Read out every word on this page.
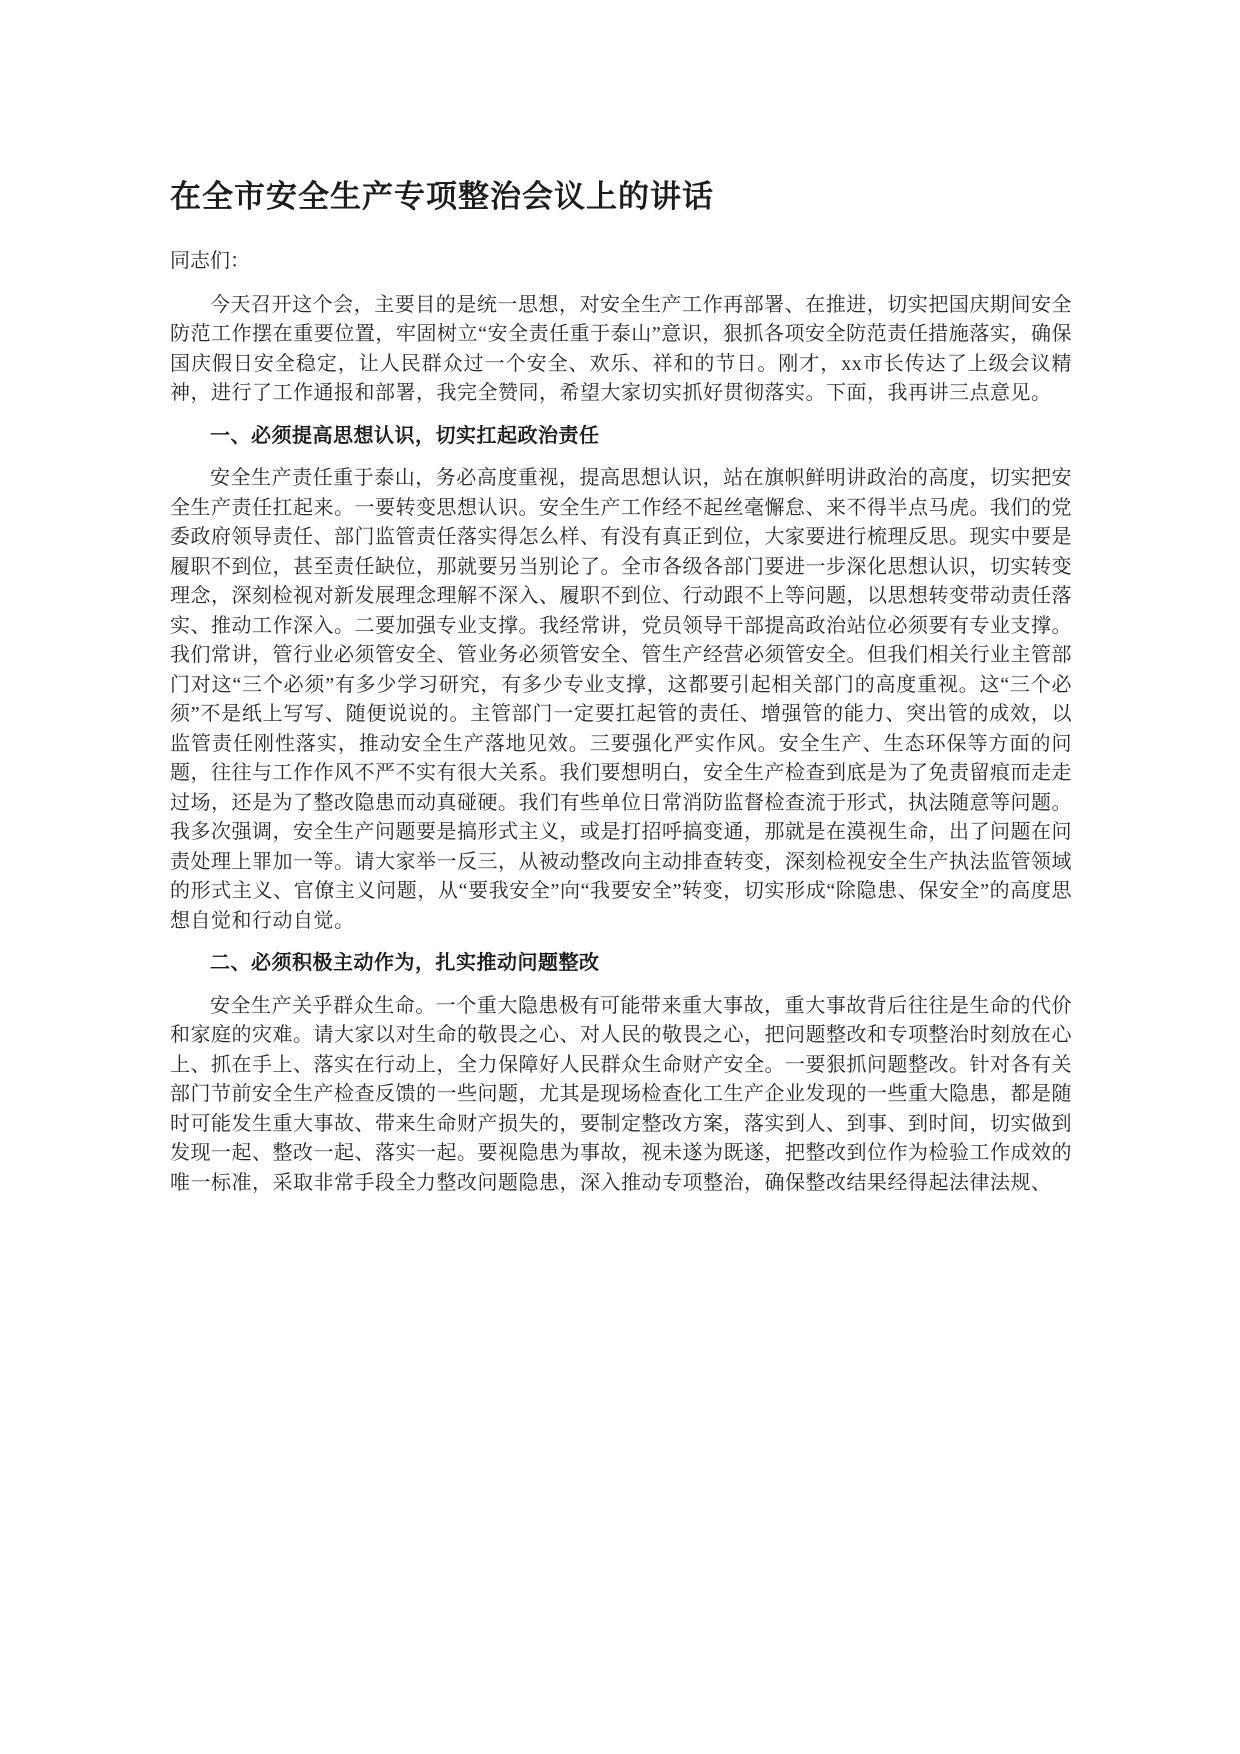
在全市安全生产专项整治会议上的讲话

同志们：

今天召开这个会，主要目的是统一思想，对安全生产工作再部署、在推进，切实把国庆期间安全防范工作摆在重要位置，牢固树立“安全责任重于泰山”意识，狠抓各项安全防范责任措施落实，确保国庆假日安全稳定，让人民群众过一个安全、欢乐、祥和的节日。刚才，xx市长传达了上级会议精神，进行了工作通报和部署，我完全赞同，希望大家切实抓好贯彻落实。下面，我再讲三点意见。

一、必须提高思想认识，切实扛起政治责任

安全生产责任重于泰山，务必高度重视，提高思想认识，站在旗帜鲜明讲政治的高度，切实把安全生产责任扛起来。一要转变思想认识。安全生产工作经不起丝毫懈怠、来不得半点马虎。我们的党委政府领导责任、部门监管责任落实得怎么样、有没有真正到位，大家要进行梳理反思。现实中要是履职不到位，甚至责任缺位，那就要另当别论了。全市各级各部门要进一步深化思想认识，切实转变理念，深刻检视对新发展理念理解不深入、履职不到位、行动跟不上等问题，以思想转变带动责任落实、推动工作深入。二要加强专业支撑。我经常讲，党员领导干部提高政治站位必须要有专业支撑。我们常讲，管行业必须管安全、管业务必须管安全、管生产经营必须管安全。但我们相关行业主管部门对这“三个必须”有多少学习研究，有多少专业支撑，这都要引起相关部门的高度重视。这“三个必须”不是纸上写写、随便说说的。主管部门一定要扛起管的责任、增强管的能力、突出管的成效，以监管责任刚性落实，推动安全生产落地见效。三要强化严实作风。安全生产、生态环保等方面的问题，往往与工作作风不严不实有很大关系。我们要想明白，安全生产检查到底是为了免责留痕而走走过场，还是为了整改隐患而动真碰硬。我们有些单位日常消防监督检查流于形式，执法随意等问题。我多次强调，安全生产问题要是搞形式主义，或是打招呼搞变通，那就是在漠视生命，出了问题在问责处理上罪加一等。请大家举一反三，从被动整改向主动排查转变，深刻检视安全生产执法监管领域的形式主义、官僚主义问题，从“要我安全”向“我要安全”转变，切实形成“除隐患、保安全”的高度思想自觉和行动自觉。

二、必须积极主动作为，扎实推动问题整改

安全生产关乎群众生命。一个重大隐患极有可能带来重大事故，重大事故背后往往是生命的代价和家庭的灾难。请大家以对生命的敬畏之心、对人民的敬畏之心，把问题整改和专项整治时刻放在心上、抓在手上、落实在行动上，全力保障好人民群众生命财产安全。一要狠抓问题整改。针对各有关部门节前安全生产检查反馈的一些问题，尤其是现场检查化工生产企业发现的一些重大隐患，都是随时可能发生重大事故、带来生命财产损失的，要制定整改方案，落实到人、到事、到时间，切实做到发现一起、整改一起、落实一起。要视隐患为事故，视未遂为既遂，把整改到位作为检验工作成效的唯一标准，采取非常手段全力整改问题隐患，深入推动专项整治，确保整改结果经得起法律法规、
